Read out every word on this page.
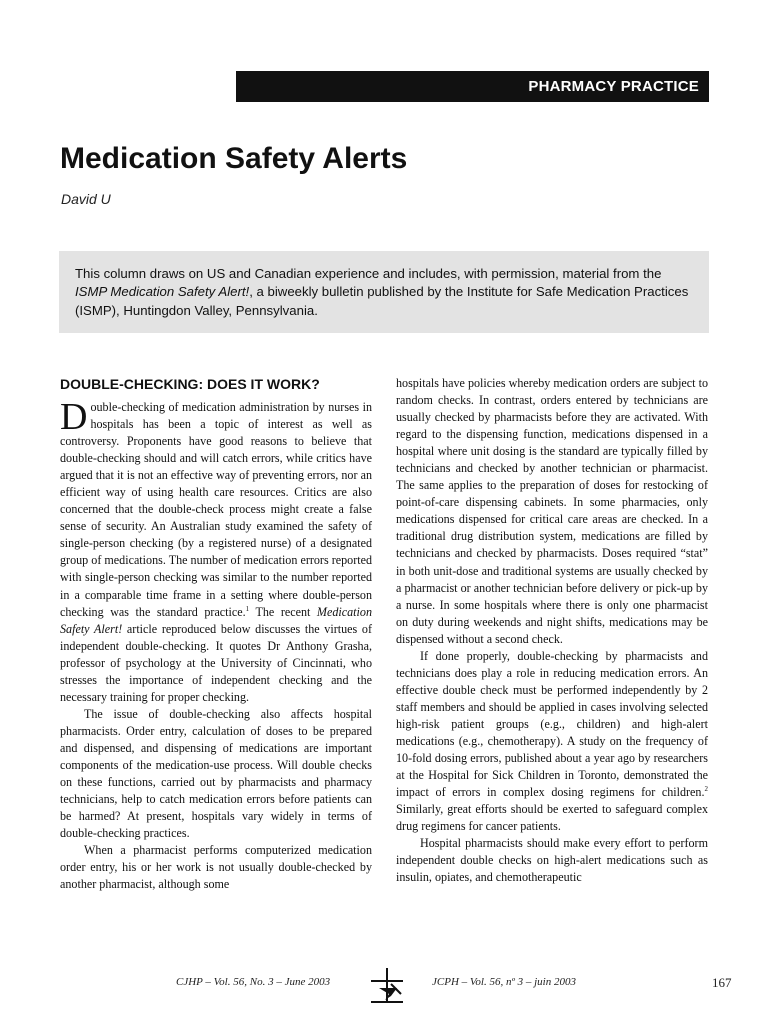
PHARMACY PRACTICE
Medication Safety Alerts
David U
This column draws on US and Canadian experience and includes, with permission, material from the ISMP Medication Safety Alert!, a biweekly bulletin published by the Institute for Safe Medication Practices (ISMP), Huntingdon Valley, Pennsylvania.
DOUBLE-CHECKING: DOES IT WORK?

Double-checking of medication administration by nurses in hospitals has been a topic of interest as well as controversy. Proponents have good reasons to believe that double-checking should and will catch errors, while critics have argued that it is not an effective way of preventing errors, nor an efficient way of using health care resources. Critics are also concerned that the double-check process might create a false sense of security. An Australian study examined the safety of single-person checking (by a registered nurse) of a designated group of medications. The number of medication errors reported with single-person checking was similar to the number reported in a comparable time frame in a setting where double-person checking was the standard practice.$^1$ The recent Medication Safety Alert! article reproduced below discusses the virtues of independent double-checking. It quotes Dr Anthony Grasha, professor of psychology at the University of Cincinnati, who stresses the importance of independent checking and the necessary training for proper checking.

The issue of double-checking also affects hospital pharmacists. Order entry, calculation of doses to be prepared and dispensed, and dispensing of medications are important components of the medication-use process. Will double checks on these functions, carried out by pharmacists and pharmacy technicians, help to catch medication errors before patients can be harmed? At present, hospitals vary widely in terms of double-checking practices.

When a pharmacist performs computerized medication order entry, his or her work is not usually double-checked by another pharmacist, although some

hospitals have policies whereby medication orders are subject to random checks. In contrast, orders entered by technicians are usually checked by pharmacists before they are activated. With regard to the dispensing function, medications dispensed in a hospital where unit dosing is the standard are typically filled by technicians and checked by another technician or pharmacist. The same applies to the preparation of doses for restocking of point-of-care dispensing cabinets. In some pharmacies, only medications dispensed for critical care areas are checked. In a traditional drug distribution system, medications are filled by technicians and checked by pharmacists. Doses required “stat” in both unit-dose and traditional systems are usually checked by a pharmacist or another technician before delivery or pick-up by a nurse. In some hospitals where there is only one pharmacist on duty during weekends and night shifts, medications may be dispensed without a second check.

If done properly, double-checking by pharmacists and technicians does play a role in reducing medication errors. An effective double check must be performed independently by 2 staff members and should be applied in cases involving selected high-risk patient groups (e.g., children) and high-alert medications (e.g., chemotherapy). A study on the frequency of 10-fold dosing errors, published about a year ago by researchers at the Hospital for Sick Children in Toronto, demonstrated the impact of errors in complex dosing regimens for children.$^2$ Similarly, great efforts should be exerted to safeguard complex drug regimens for cancer patients.

Hospital pharmacists should make every effort to perform independent double checks on high-alert medications such as insulin, opiates, and chemotherapeutic

CJHP – Vol. 56, No. 3 – June 2003	JCPH – Vol. 56, nº 3 – juin 2003	167
